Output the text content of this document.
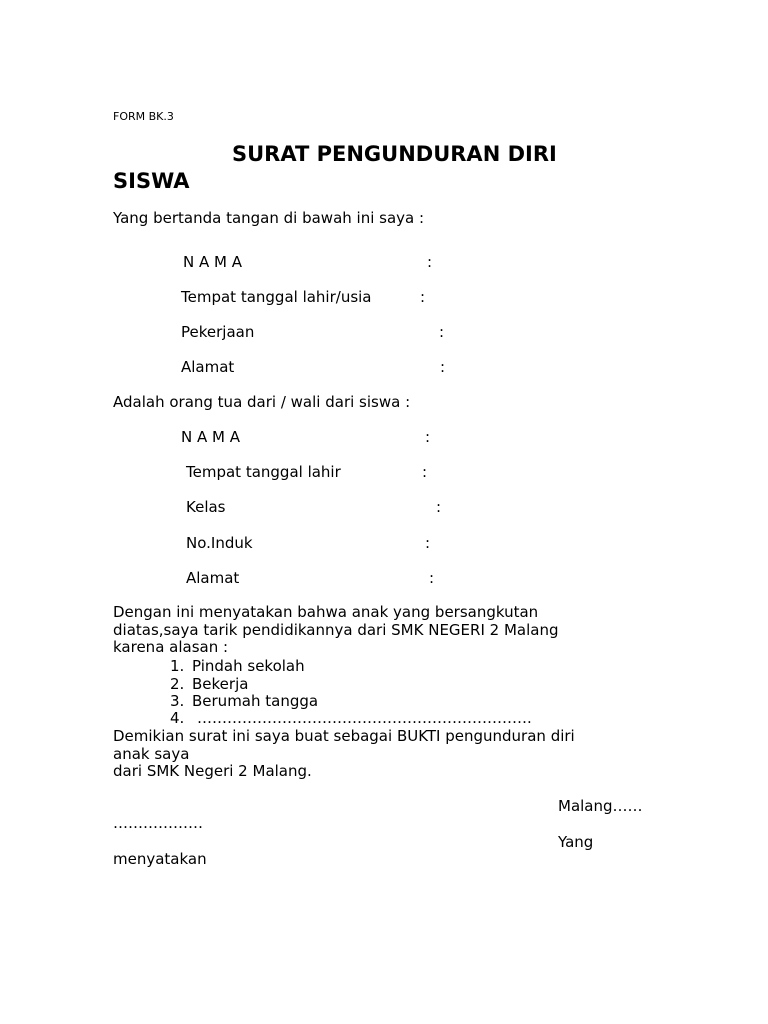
FORM BK.3
SURAT PENGUNDURAN DIRI
SISWA
Yang bertanda tangan di bawah ini saya :
N A M A	:
Tempat tanggal lahir/usia	:
Pekerjaan	:
Alamat	:
Adalah orang tua dari / wali dari siswa :
N A M A	:
Tempat tanggal lahir	:
Kelas	:
No.Induk	:
Alamat	:
Dengan ini menyatakan bahwa anak yang bersangkutan
diatas,saya tarik pendidikannya dari SMK NEGERI 2 Malang
karena alasan :
1. Pindah sekolah
2. Bekerja
3. Berumah tangga
4. ………………………………………………………….
Demikian surat ini saya buat sebagai BUKTI pengunduran diri
anak saya
dari SMK Negeri 2 Malang.
Malang……
………………
Yang
menyatakan
